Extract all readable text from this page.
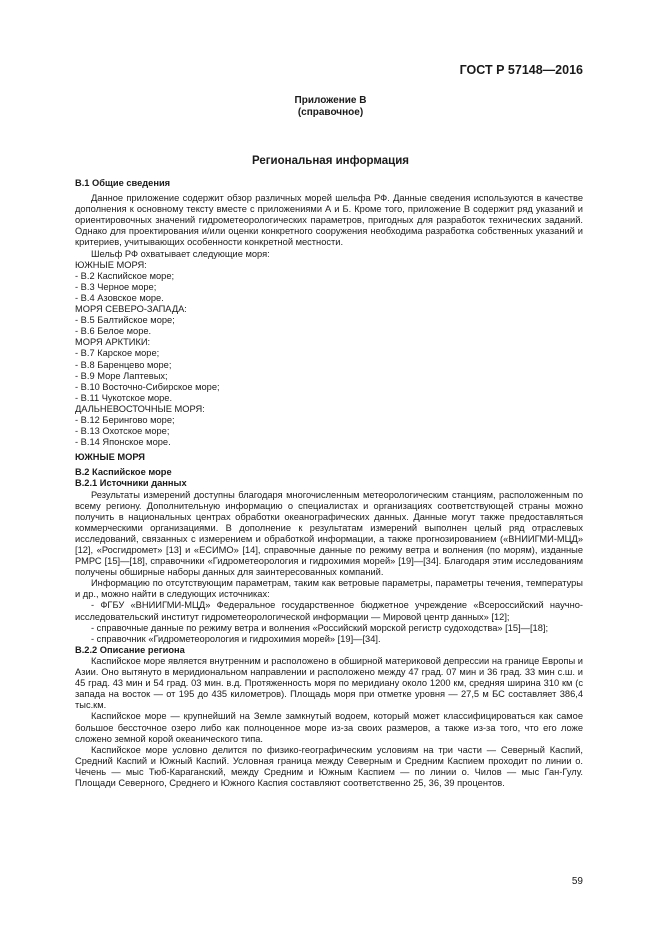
ГОСТ Р 57148—2016
Приложение В
(справочное)
Региональная информация

В.1 Общие сведения

Данное приложение содержит обзор различных морей шельфа РФ. Данные сведения используются в качестве дополнения к основному тексту вместе с приложениями А и Б. Кроме того, приложение В содержит ряд указаний и ориентировочных значений гидрометеорологических параметров, пригодных для разработок технических заданий. Однако для проектирования и/или оценки конкретного сооружения необходима разработка собственных указаний и критериев, учитывающих особенности конкретной местности.

Шельф РФ охватывает следующие моря:

ЮЖНЫЕ МОРЯ:

- В.2 Каспийское море;

- В.3 Черное море;

- В.4 Азовское море.

МОРЯ СЕВЕРО-ЗАПАДА:

- В.5 Балтийское море;

- В.6 Белое море.

МОРЯ АРКТИКИ:

- В.7 Карское море;

- В.8 Баренцево море;

- В.9 Море Лаптевых;

- В.10 Восточно-Сибирское море;

- В.11 Чукотское море.

ДАЛЬНЕВОСТОЧНЫЕ МОРЯ:

- В.12 Берингово море;

- В.13 Охотское море;

- В.14 Японское море.

ЮЖНЫЕ МОРЯ

В.2 Каспийское море

В.2.1 Источники данных

Результаты измерений доступны благодаря многочисленным метеорологическим станциям, расположенным по всему региону. Дополнительную информацию о специалистах и организациях соответствующей страны можно получить в национальных центрах обработки океанографических данных. Данные могут также предоставляться коммерческими организациями. В дополнение к результатам измерений выполнен целый ряд отраслевых исследований, связанных с измерением и обработкой информации, а также прогнозированием («ВНИИГМИ-МЦД» [12], «Росгидромет» [13] и «ЕСИМО» [14], справочные данные по режиму ветра и волнения (по морям), изданные РМРС [15]—[18], справочники «Гидрометеорология и гидрохимия морей» [19]—[34]. Благодаря этим исследованиям получены обширные наборы данных для заинтересованных компаний.

Информацию по отсутствующим параметрам, таким как ветровые параметры, параметры течения, температуры и др., можно найти в следующих источниках:

- ФГБУ «ВНИИГМИ-МЦД» Федеральное государственное бюджетное учреждение «Всероссийский научно-исследовательский институт гидрометеорологической информации — Мировой центр данных» [12];

- справочные данные по режиму ветра и волнения «Российский морской регистр судоходства» [15]—[18];

- справочник «Гидрометеорология и гидрохимия морей» [19]—[34].

В.2.2 Описание региона

Каспийское море является внутренним и расположено в обширной материковой депрессии на границе Европы и Азии. Оно вытянуто в меридиональном направлении и расположено между 47 град. 07 мин и 36 град. 33 мин с.ш. и 45 град. 43 мин и 54 град. 03 мин. в.д. Протяженность моря по меридиану около 1200 км, средняя ширина 310 км (с запада на восток — от 195 до 435 километров). Площадь моря при отметке уровня — 27,5 м БС составляет 386,4 тыс.км.

Каспийское море — крупнейший на Земле замкнутый водоем, который может классифицироваться как самое большое бессточное озеро либо как полноценное море из-за своих размеров, а также из-за того, что его ложе сложено земной корой океанического типа.

Каспийское море условно делится по физико-географическим условиям на три части — Северный Каспий, Средний Каспий и Южный Каспий. Условная граница между Северным и Средним Каспием проходит по линии о. Чечень — мыс Тюб-Караганский, между Средним и Южным Каспием — по линии о. Чилов — мыс Ган-Гулу. Площади Северного, Среднего и Южного Каспия составляют соответственно 25, 36, 39 процентов.

59
